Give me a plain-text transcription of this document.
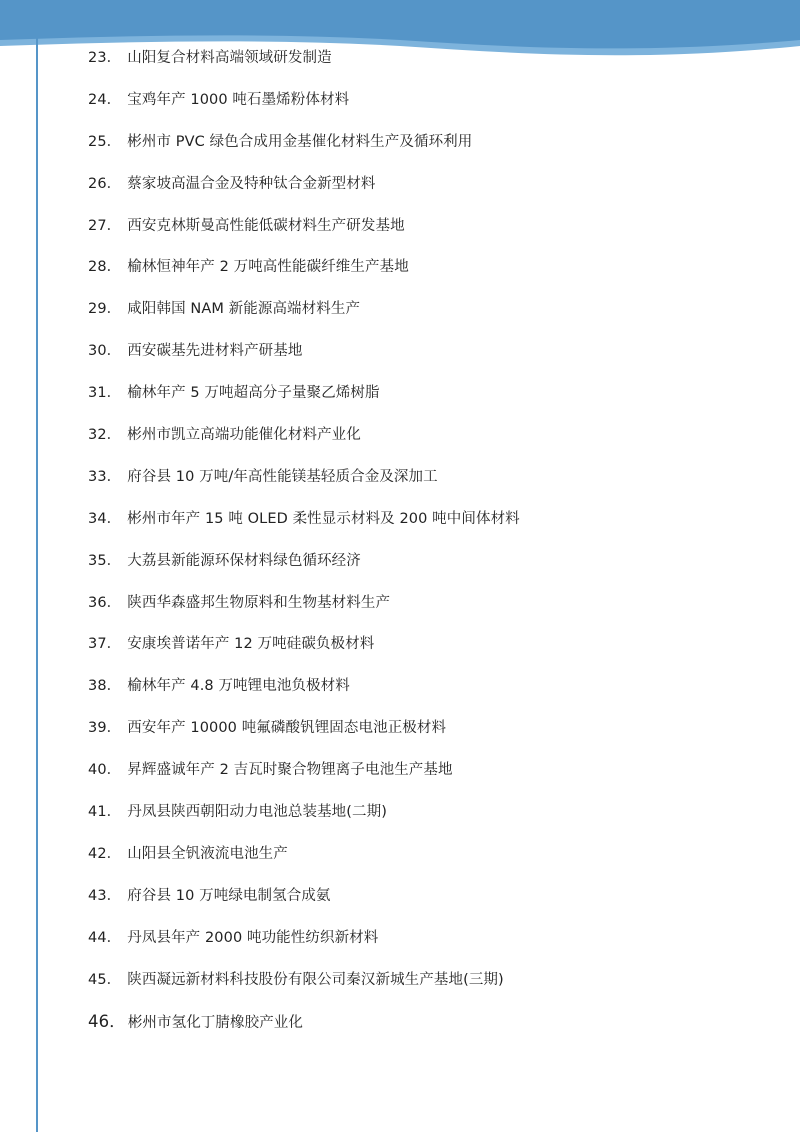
23． 山阳复合材料高端领域研发制造
24． 宝鸡年产 1000 吨石墨烯粉体材料
25． 彬州市 PVC 绿色合成用金基催化材料生产及循环利用
26． 蔡家坡高温合金及特种钛合金新型材料
27． 西安克林斯曼高性能低碳材料生产研发基地
28． 榆林恒神年产 2 万吨高性能碳纤维生产基地
29． 咸阳韩国 NAM 新能源高端材料生产
30． 西安碳基先进材料产研基地
31． 榆林年产 5 万吨超高分子量聚乙烯树脂
32． 彬州市凯立高端功能催化材料产业化
33． 府谷县 10 万吨/年高性能镁基轻质合金及深加工
34． 彬州市年产 15 吨 OLED 柔性显示材料及 200 吨中间体材料
35． 大荔县新能源环保材料绿色循环经济
36． 陕西华森盛邦生物原料和生物基材料生产
37． 安康埃普诺年产 12 万吨硅碳负极材料
38． 榆林年产 4.8 万吨锂电池负极材料
39． 西安年产 10000 吨氟磷酸钒锂固态电池正极材料
40． 昇辉盛诚年产 2 吉瓦时聚合物锂离子电池生产基地
41． 丹凤县陕西朝阳动力电池总装基地(二期)
42． 山阳县全钒液流电池生产
43． 府谷县 10 万吨绿电制氢合成氨
44． 丹凤县年产 2000 吨功能性纺织新材料
45． 陕西凝远新材料科技股份有限公司秦汉新城生产基地(三期)
46． 彬州市氢化丁腈橡胶产业化
